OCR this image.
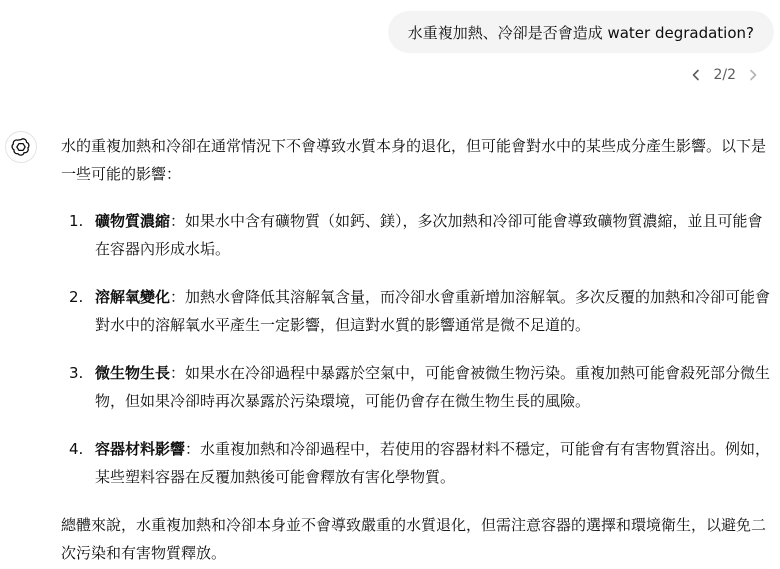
水重複加熱、冷卻是否會造成 water degradation?
2/2

水的重複加熱和冷卻在通常情況下不會導致水質本身的退化，但可能會對水中的某些成分產生影響。以下是一些可能的影響：

1. 礦物質濃縮：如果水中含有礦物質（如鈣、鎂），多次加熱和冷卻可能會導致礦物質濃縮，並且可能會在容器內形成水垢。
2. 溶解氧變化：加熱水會降低其溶解氧含量，而冷卻水會重新增加溶解氧。多次反覆的加熱和冷卻可能會對水中的溶解氧水平產生一定影響，但這對水質的影響通常是微不足道的。
3. 微生物生長：如果水在冷卻過程中暴露於空氣中，可能會被微生物污染。重複加熱可能會殺死部分微生物，但如果冷卻時再次暴露於污染環境，可能仍會存在微生物生長的風險。
4. 容器材料影響：水重複加熱和冷卻過程中，若使用的容器材料不穩定，可能會有有害物質溶出。例如，某些塑料容器在反覆加熱後可能會釋放有害化學物質。

總體來說，水重複加熱和冷卻本身並不會導致嚴重的水質退化，但需注意容器的選擇和環境衛生，以避免二次污染和有害物質釋放。
